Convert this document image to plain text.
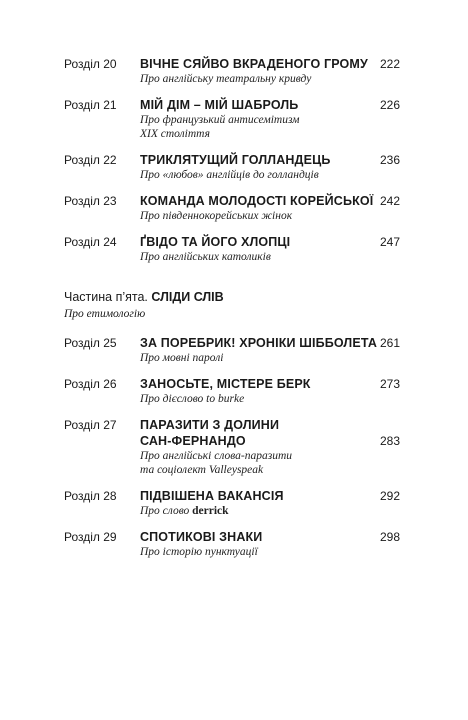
Розділ 20 ВІЧНЕ СЯЙВО ВКРАДЕНОГО ГРОМУ
Про англійську театральну кривду
222
Розділ 21 МІЙ ДІМ – МІЙ ШАБРОЛЬ
Про французький антисемітизм
XIX століття
226
Розділ 22 ТРИКЛЯТУЩИЙ ГОЛЛАНДЕЦЬ
Про «любов» англійців до голландців
236
Розділ 23 КОМАНДА МОЛОДОСТІ КОРЕЙСЬКОЇ
Про південнокорейських жінок
242
Розділ 24 ҐВІДО ТА ЙОГО ХЛОПЦІ
Про англійських католиків
247
Частина п’ята. СЛІДИ СЛІВ
Про етимологію
Розділ 25 ЗА ПОРЕБРИК! ХРОНІКИ ШІББОЛЕТА
Про мовні паролі
261
Розділ 26 ЗАНОСЬТЕ, МІСТЕРЕ БЕРК
Про дієслово to burke
273
Розділ 27 ПАРАЗИТИ З ДОЛИНИ
САН-ФЕРНАНДО
Про англійські слова-паразити
та соціолект Valleyspeak
283
Розділ 28 ПІДВІШЕНА ВАКАНСІЯ
Про слово derrick
292
Розділ 29 СПОТИКОВІ ЗНАКИ
Про історію пунктуації
298
